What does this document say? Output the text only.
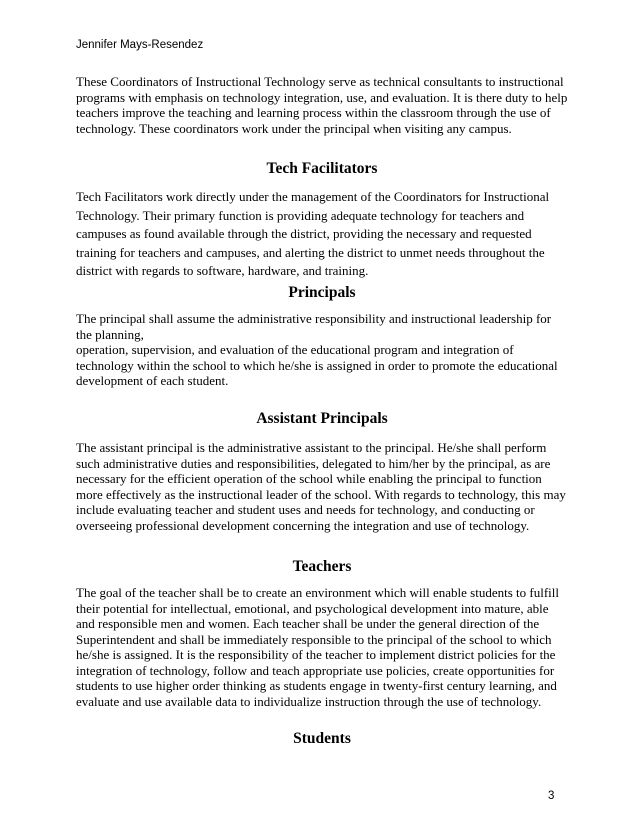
Jennifer Mays-Resendez

These Coordinators of Instructional Technology serve as technical consultants to instructional programs with emphasis on technology integration, use, and evaluation. It is there duty to help teachers improve the teaching and learning process within the classroom through the use of technology. These coordinators work under the principal when visiting any campus.

Tech Facilitators

Tech Facilitators work directly under the management of the Coordinators for Instructional Technology. Their primary function is providing adequate technology for teachers and campuses as found available through the district, providing the necessary and requested training for teachers and campuses, and alerting the district to unmet needs throughout the district with regards to software, hardware, and training.

Principals

The principal shall assume the administrative responsibility and instructional leadership for the planning,

operation, supervision, and evaluation of the educational program and integration of technology within the school to which he/she is assigned in order to promote the educational development of each student.

Assistant Principals

The assistant principal is the administrative assistant to the principal. He/she shall perform such administrative duties and responsibilities, delegated to him/her by the principal, as are necessary for the efficient operation of the school while enabling the principal to function more effectively as the instructional leader of the school. With regards to technology, this may include evaluating teacher and student uses and needs for technology, and conducting or overseeing professional development concerning the integration and use of technology.

Teachers

The goal of the teacher shall be to create an environment which will enable students to fulfill their potential for intellectual, emotional, and psychological development into mature, able and responsible men and women. Each teacher shall be under the general direction of the Superintendent and shall be immediately responsible to the principal of the school to which he/she is assigned. It is the responsibility of the teacher to implement district policies for the integration of technology, follow and teach appropriate use policies, create opportunities for students to use higher order thinking as students engage in twenty-first century learning, and evaluate and use available data to individualize instruction through the use of technology.

Students
3
